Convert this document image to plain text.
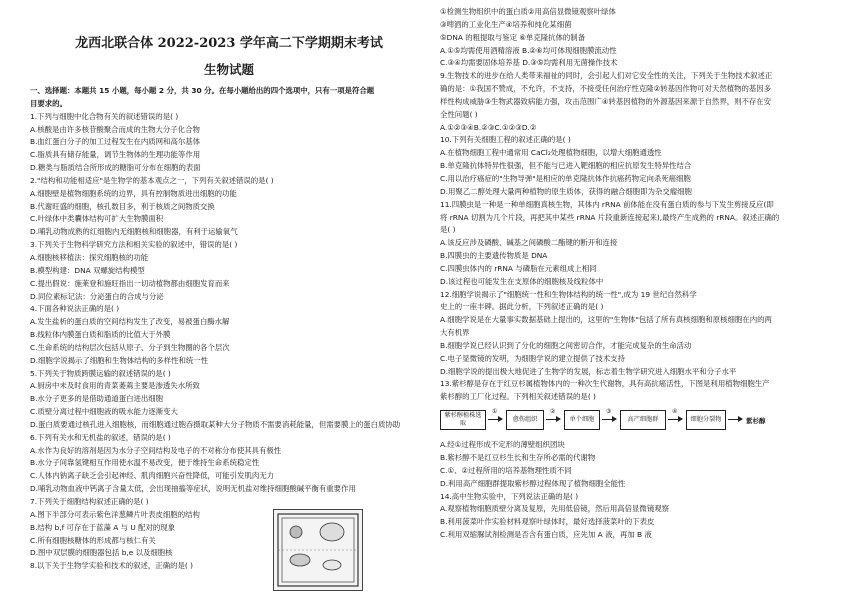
龙西北联合体 2022-2023 学年高二下学期期末考试
生物试题
一、选择题：本题共 15 小题，每小题 2 分，共 30 分。在每小题给出的四个选项中，只有一项是符合题
目要求的。
1.下列与细胞中化合物有关的叙述错误的是( )
A.核酸是由许多核苷酸聚合而成的生物大分子化合物
B.血红蛋白分子的加工过程发生在内质网和高尔基体
C.脂质具有储存能量，调节生物体的生理功能等作用
D.糖类与脂质结合所形成的糖脂可分布在细胞的表面
2."结构和功能相适应"是生物学的基本观点之一，下列有关叙述错误的是( )
A.细胞壁是植物细胞系统的边界，具有控制物质进出细胞的功能
B.代谢旺盛的细胞，核孔数目多，利于核质之间物质交换
C.叶绿体中类囊体结构可扩大生物膜面积
D.哺乳动物成熟的红细胞内无细胞核和细胞器，有利于运输氧气
3.下列关于生物科学研究方法和相关实验的叙述中，错误的是( )
A.细胞核移植法：探究细胞核的功能
B.模型构建：DNA 双螺旋结构模型
C.提出假说：施莱登和施旺指出一切动植物都由细胞发育而来
D.同位素标记法：分泌蛋白的合成与分泌
4.下面各种说法正确的是( )
A.发生盐析的蛋白质的空间结构发生了改变，易被蛋白酶水解
B.线粒体内膜蛋白质和脂质的比值大于外膜
C.生命系统的结构层次包括从原子、分子到生物圈的各个层次
D.细胞学说揭示了细胞和生物体结构的多样性和统一性
5.下列关于物质跨膜运输的叙述错误的是( )
A.厨房中未及时食用的青菜萎蔫主要是渗透失水所致
B.水分子更多的是借助通道蛋白进出细胞
C.质壁分离过程中细胞液的吸水能力逐渐变大
D.蛋白质要通过核孔进入细胞核，而细胞通过胞吞摄取某种大分子物质不需要消耗能量，但需要膜上的蛋白质协助
6.下列有关水和无机盐的叙述，错误的是( )
A.水作为良好的溶剂是因为水分子空间结构及电子的不对称分布使其具有极性
B.水分子间靠氢键相互作用使水温不易改变，便于维持生命系统稳定性
C.人体内钠离子缺乏会引起神经、肌肉细胞兴奋性降低，可能引发肌肉无力
D.哺乳动物血液中钙离子含量太低，会出现抽搐等症状，说明无机盐对维持细胞酸碱平衡有重要作用
7.下列关于细胞结构叙述正确的是( )
A.图下半部分可表示紫色洋葱鳞片叶表皮细胞的结构
B.结构 b,f 可存在于蓝藻 A 与 U 配对的现象
C.所有细胞核糖体的形成都与核仁有关
D.图中双层膜的细胞器包括 b,e 以及细胞核
8.以下关于生物学实验和技术的叙述，正确的是( )
①检测生物组织中的蛋白质②用高倍显微镜观察叶绿体
③啤酒的工业化生产④培养和纯化某细菌
⑤DNA 的粗提取与鉴定 ⑥单克隆抗体的制备
A.①⑤均需使用酒精溶液 B.②⑥均可体现细胞膜流动性
C.③④均需要固体培养基 D.③⑤均需利用无菌操作技术
9.生物技术的进步在给人类带来福祉的同时，会引起人们对它安全性的关注，下列关于生物技术叙述正
确的是：①我国不赞成，不允许，不支持，不接受任何治疗性克隆②转基因作物可对天然植物的基因多
样性构成威胁③生物武器致病能力强，攻击范围广④转基因植物的外源基因来源于自然界，则不存在安
全性问题( )
A.①②③④B.②③C.①②③D.②
10.下列有关细胞工程的叙述正确的是( )
A.在植物细胞工程中通常用 CaCl₂处理植物细胞，以增大细胞通透性
B.单克隆抗体特异性很强，但不能与已进入靶细胞的相应抗原发生特异性结合
C.用以治疗癌症的"生物导弹"是相应的单克隆抗体作抗癌药物定向杀死癌细胞
D.用聚乙二醇处理大量两种植物的原生质体，获得的融合细胞即为杂交瘤细胞
11.四膜虫是一种是一种单细胞真核生物，其体内 rRNA 前体能在没有蛋白质的参与下发生剪接反应(即
将 rRNA 切割为几个片段，再把其中某些 rRNA 片段重新连接起来),最终产生成熟的 rRNA。叙述正确的
是( )
A.该反应涉及磷酸、碱基之间磷酸二酯键的断开和连接
B.四膜虫的主要遗传物质是 DNA
C.四膜虫体内的 rRNA 与磷脂在元素组成上相同
D.该过程也可能发生在支原体的细胞核及线粒体中
12.细胞学说揭示了"细胞统一性和生物体结构的统一性",成为 19 世纪自然科学
史上的一座丰碑。据此分析，下列叙述正确的是( )
A.细胞学说是在大量事实数据基础上提出的，这里的"生物体"包括了所有真核细胞和原核细胞在内的两
大有机界
B.细胞学说已经认识到了分化的细胞之间密切合作，才能完成复杂的生命活动
C.电子显微镜的发明，为细胞学说的建立提供了技术支持
D.细胞学说的提出极大地促进了生物学的发展，标志着生物学研究进入细胞水平和分子水平
13.紫杉醇是存在于红豆杉属植物体内的一种次生代谢物，具有高抗癌活性，下图是利用植物细胞生产
紫杉醇的工厂化过程。下列相关叙述错误的是( )
紫杉醇植株选取
①
愈伤组织
②
单个细胞
③
高产细胞群
④
细胞分裂物	紫杉醇
A.经①过程形成不定形的薄壁组织团块
B.紫杉醇不是红豆杉生长和生存所必需的代谢物
C.①、②过程所用的培养基物理性质不同
D.利用高产细胞群提取紫杉醇过程体现了植物细胞全能性
14.高中生物实验中，下列说法正确的是( )
A.观察植物细胞质壁分离及复原，先用低倍镜，然后用高倍显微镜观察
B.利用菠菜叶作实验材料观察叶绿体时，最好选择菠菜叶的下表皮
C.利用双缩脲试剂检测是否含有蛋白质，应先加 A 液，再加 B 液
